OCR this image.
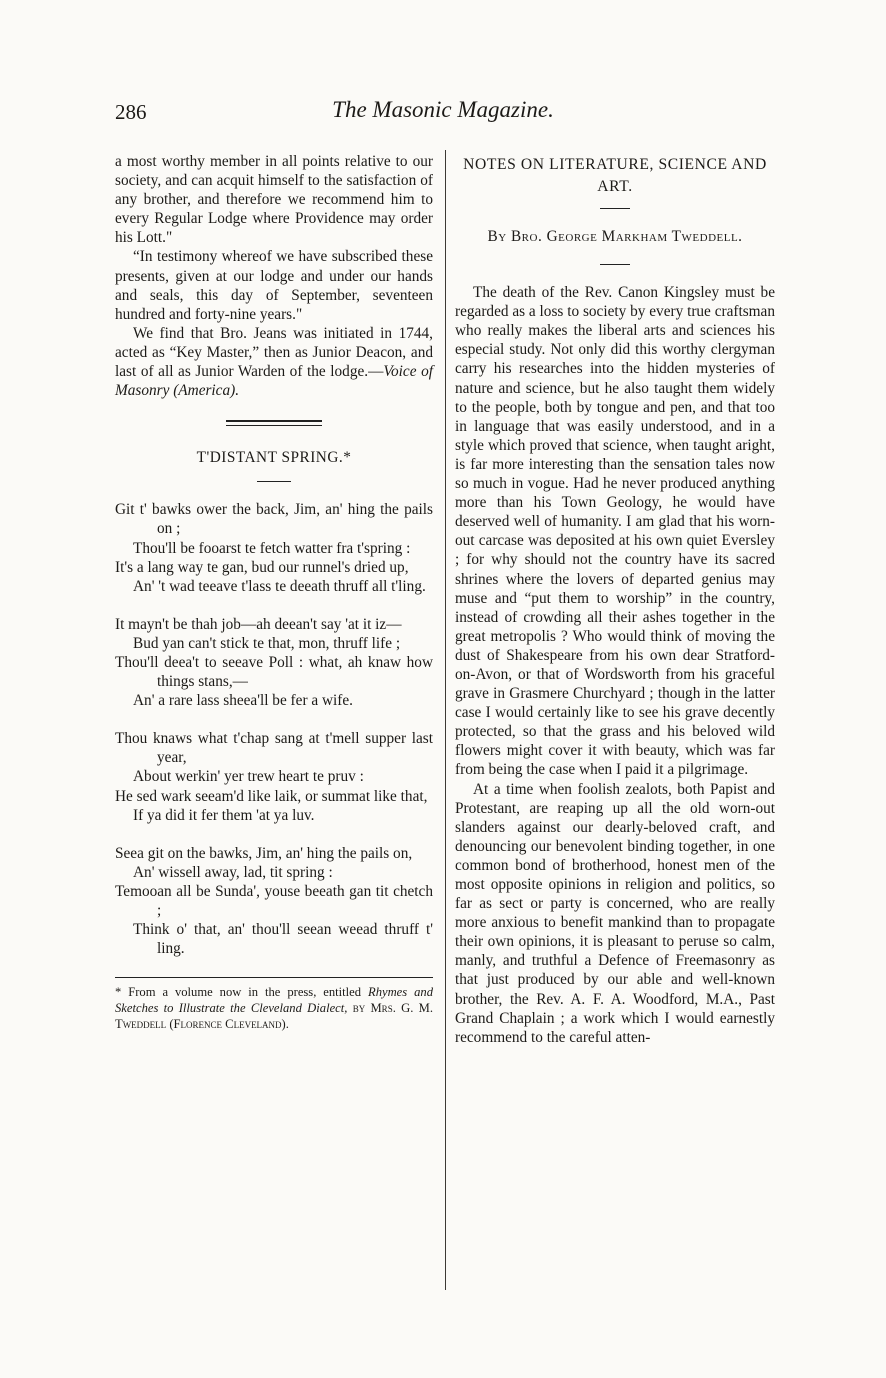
286	The Masonic Magazine.

a most worthy member in all points relative to our society, and can acquit himself to the satisfaction of any brother, and therefore we recommend him to every Regular Lodge where Providence may order his Lott."

“In testimony whereof we have subscribed these presents, given at our lodge and under our hands and seals, this day of September, seventeen hundred and forty-nine years."

We find that Bro. Jeans was initiated in 1744, acted as “Key Master,” then as Junior Deacon, and last of all as Junior Warden of the lodge.—Voice of Masonry (America).

T'DISTANT SPRING.*

Git t' bawks ower the back, Jim, an' hing the pails on ;

Thou'll be fooarst te fetch watter fra t'spring :

It's a lang way te gan, bud our runnel's dried up,

An' 't wad teeave t'lass te deeath thruff all t'ling.

It mayn't be thah job—ah deean't say 'at it iz—

Bud yan can't stick te that, mon, thruff life ;

Thou'll deea't to seeave Poll : what, ah knaw how things stans,—

An' a rare lass sheea'll be fer a wife.

Thou knaws what t'chap sang at t'mell supper last year,

About werkin' yer trew heart te pruv :

He sed wark seeam'd like laik, or summat like that,

If ya did it fer them 'at ya luv.

Seea git on the bawks, Jim, an' hing the pails on,

An' wissell away, lad, tit spring :

Temooan all be Sunda', youse beeath gan tit chetch ;

Think o' that, an' thou'll seean weead thruff t' ling.

* From a volume now in the press, entitled Rhymes and Sketches to Illustrate the Cleveland Dialect, by Mrs. G. M. Tweddell (Florence Cleveland).

NOTES ON LITERATURE, SCIENCE AND ART.

By Bro. George Markham Tweddell.

The death of the Rev. Canon Kingsley must be regarded as a loss to society by every true craftsman who really makes the liberal arts and sciences his especial study. Not only did this worthy clergyman carry his researches into the hidden mysteries of nature and science, but he also taught them widely to the people, both by tongue and pen, and that too in language that was easily understood, and in a style which proved that science, when taught aright, is far more interesting than the sensation tales now so much in vogue. Had he never produced anything more than his Town Geology, he would have deserved well of humanity. I am glad that his worn-out carcase was deposited at his own quiet Eversley ; for why should not the country have its sacred shrines where the lovers of departed genius may muse and “put them to worship” in the country, instead of crowding all their ashes together in the great metropolis ? Who would think of moving the dust of Shakespeare from his own dear Stratford-on-Avon, or that of Wordsworth from his graceful grave in Grasmere Churchyard ; though in the latter case I would certainly like to see his grave decently protected, so that the grass and his beloved wild flowers might cover it with beauty, which was far from being the case when I paid it a pilgrimage.

At a time when foolish zealots, both Papist and Protestant, are reaping up all the old worn-out slanders against our dearly-beloved craft, and denouncing our benevolent binding together, in one common bond of brotherhood, honest men of the most opposite opinions in religion and politics, so far as sect or party is concerned, who are really more anxious to benefit mankind than to propagate their own opinions, it is pleasant to peruse so calm, manly, and truthful a Defence of Freemasonry as that just produced by our able and well-known brother, the Rev. A. F. A. Woodford, M.A., Past Grand Chaplain ; a work which I would earnestly recommend to the careful atten-
